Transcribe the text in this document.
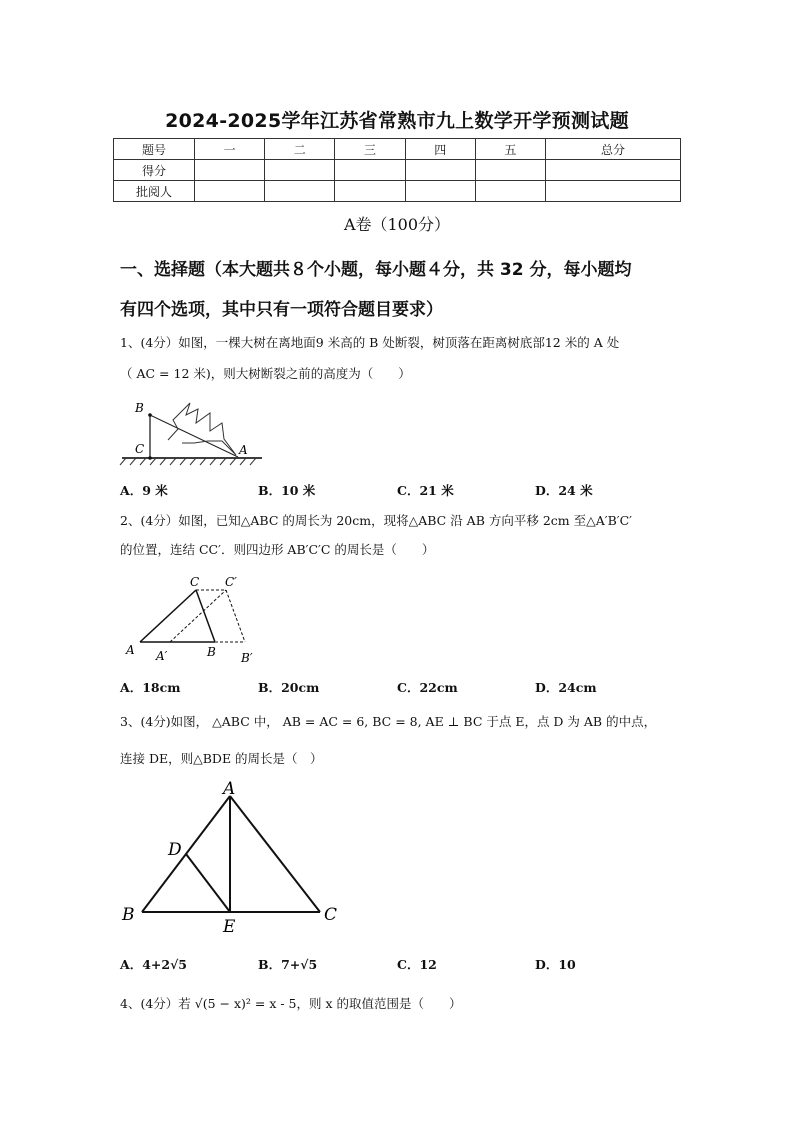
2024-2025学年江苏省常熟市九上数学开学预测试题
题号	一	二	三	四	五	总分
得分						
批阅人						
A卷（100分）
一、选择题（本大题共８个小题，每小题４分，共 32 分，每小题均
有四个选项，其中只有一项符合题目要求）
1、(4分）如图，一棵大树在离地面9 米高的 B 处断裂，树顶落在距离树底部12 米的 A 处
（ AC = 12 米)，则大树断裂之前的高度为（　　）
B
C	A
A．9 米	B．10 米	C．21 米	D．24 米
2、(4分）如图，已知△ABC 的周长为 20cm，现将△ABC 沿 AB 方向平移 2cm 至△A′B′C′
的位置，连结 CC′．则四边形 AB′C′C 的周长是（　　）
C C′
A A′	B B′
A．18cm	B．20cm	C．22cm	D．24cm
3、(4分)如图， △ABC 中， AB = AC = 6, BC = 8, AE ⊥ BC 于点 E，点 D 为 AB 的中点，
连接 DE，则△BDE 的周长是（　）
A
D
B
E
C
A．4+2√5	B．7+√5	C．12	D．10
4、(4分）若 √(5 − x)² = x - 5，则 x 的取值范围是（　　）
